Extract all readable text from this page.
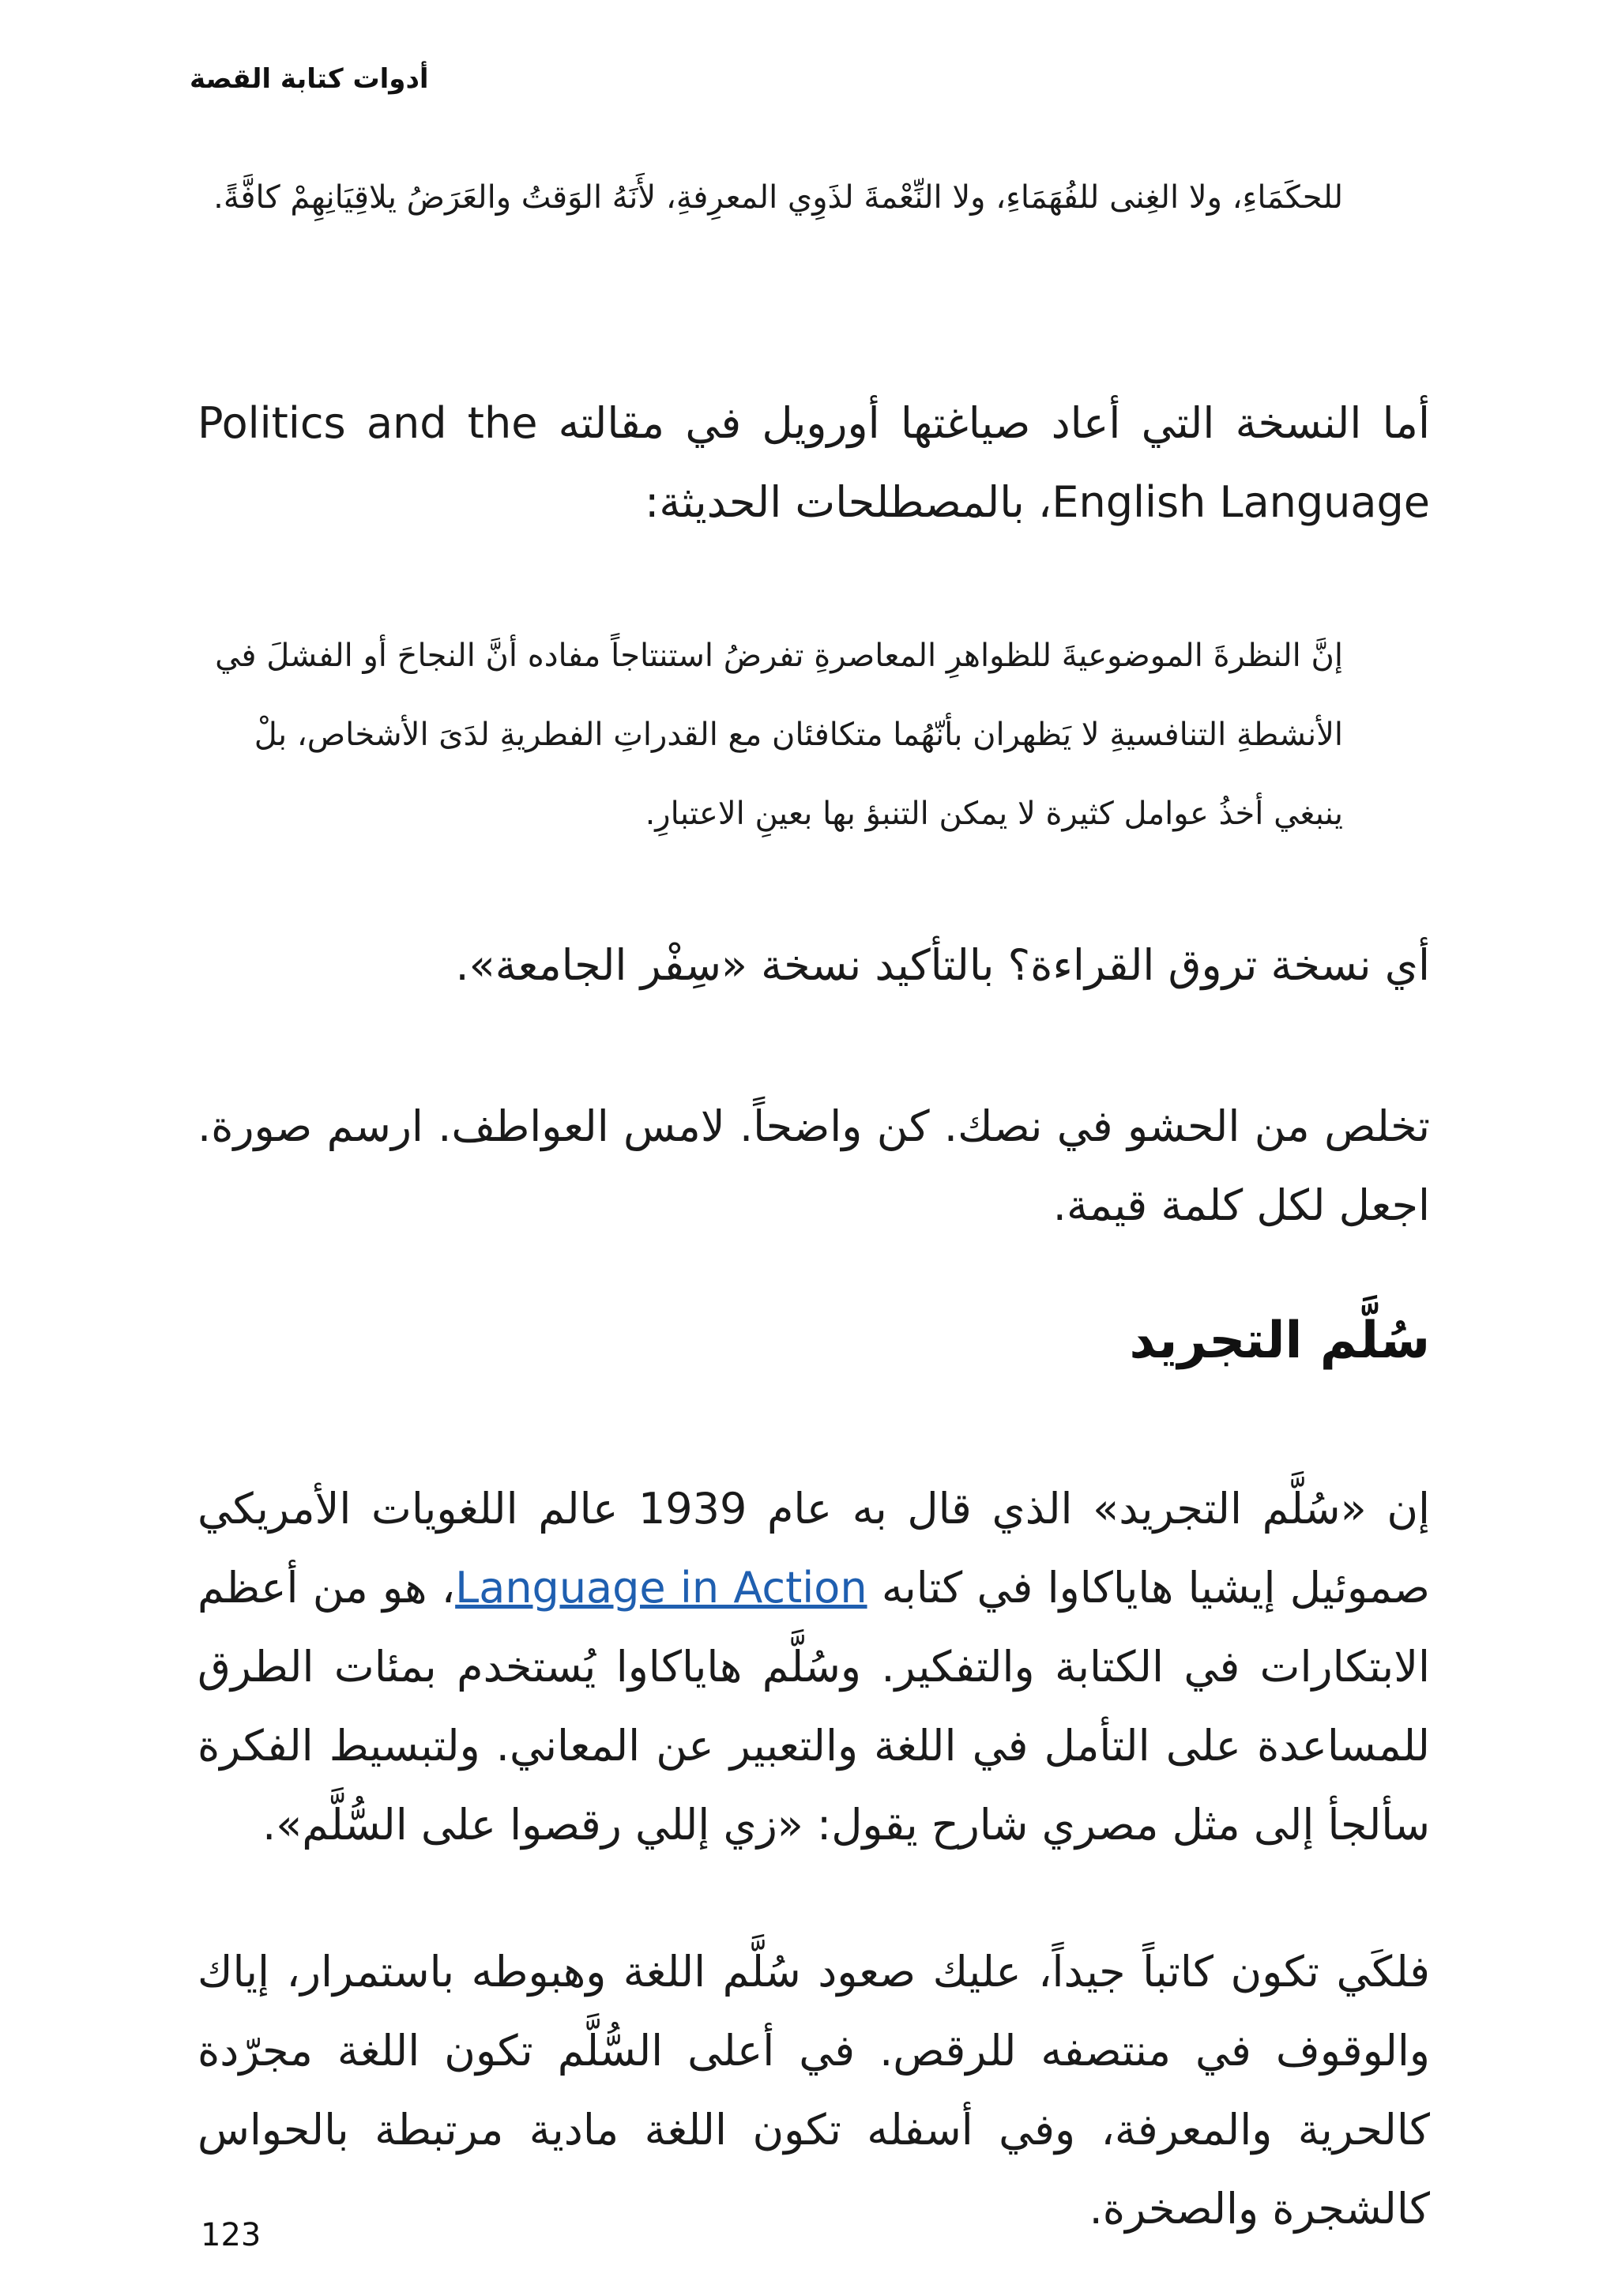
أدوات كتابة القصة
للحكَمَاءِ، ولا الغِنى للفُهَمَاءِ، ولا النِّعْمةَ لذَوِي المعرِفةِ، لأَنَهُ الوَقتُ والعَرَضُ يلاقِيَانِهِمْ كافَّةً.
أما النسخة التي أعاد صياغتها أورويل في مقالته Politics and the English Language، بالمصطلحات الحديثة:
إنَّ النظرةَ الموضوعيةَ للظواهرِ المعاصرةِ تفرضُ استنتاجاً مفاده أنَّ النجاحَ أو الفشلَ في الأنشطةِ التنافسيةِ لا يَظهران بأنّهُما متكافئان مع القدراتِ الفطريةِ لدَىَ الأشخاص، بلْ ينبغي أخذُ عوامل كثيرة لا يمكن التنبؤ بها بعينِ الاعتبارِ.
أي نسخة تروق القراءة؟ بالتأكيد نسخة «سِفْر الجامعة».
تخلص من الحشو في نصك. كن واضحاً. لامس العواطف. ارسم صورة. اجعل لكل كلمة قيمة.
سُلَّم التجريد
إن «سُلَّم التجريد» الذي قال به عام 1939 عالم اللغويات الأمريكي صموئيل إيشيا هاياكاوا في كتابه Language in Action، هو من أعظم الابتكارات في الكتابة والتفكير. وسُلَّم هاياكاوا يُستخدم بمئات الطرق للمساعدة على التأمل في اللغة والتعبير عن المعاني. ولتبسيط الفكرة سألجأ إلى مثل مصري شارح يقول: «زي إللي رقصوا على السُّلَّم».
فلكَي تكون كاتباً جيداً، عليك صعود سُلَّم اللغة وهبوطه باستمرار، إياك والوقوف في منتصفه للرقص. في أعلى السُّلَّم تكون اللغة مجرّدة كالحرية والمعرفة، وفي أسفله تكون اللغة مادية مرتبطة بالحواس كالشجرة والصخرة.
123
